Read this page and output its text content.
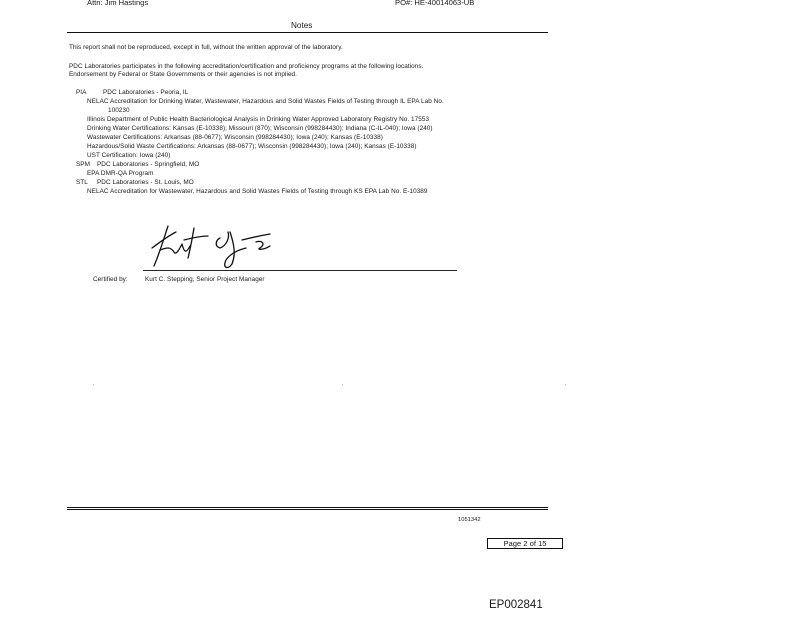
Attn: Jim Hastings	PO#: HE-40014063-UB
Notes
This report shall not be reproduced, except in full, without the written approval of the laboratory.
PDC Laboratories participates in the following accreditation/certification and proficiency programs at the following locations.
Endorsement by Federal or State Governments or their agencies is not implied.
PIA	PDC Laboratories - Peoria, IL
NELAC Accreditation for Drinking Water, Wastewater, Hazardous and Solid Wastes Fields of Testing through IL EPA Lab No.
100230
Illinois Department of Public Health Bacteriological Analysis in Drinking Water Approved Laboratory Registry No. 17553
Drinking Water Certifications: Kansas (E-10338); Missouri (870); Wisconsin (998284430); Indiana (C-IL-040); Iowa (240)
Wastewater Certifications: Arkansas (88-0677); Wisconsin (998284430); Iowa (240); Kansas (E-10338)
Hazardous/Solid Waste Certifications: Arkansas (88-0677); Wisconsin (998284430); Iowa (240); Kansas (E-10338)
UST Certification: Iowa (240)
SPM PDC Laboratories - Springfield, MO
EPA DMR-QA Program
STL PDC Laboratories - St. Louis, MO
NELAC Accreditation for Wastewater, Hazardous and Solid Wastes Fields of Testing through KS EPA Lab No. E-10389
Certified by:	Kurt C. Stepping, Senior Project Manager
1051342
Page 2 of 15
EP002841
